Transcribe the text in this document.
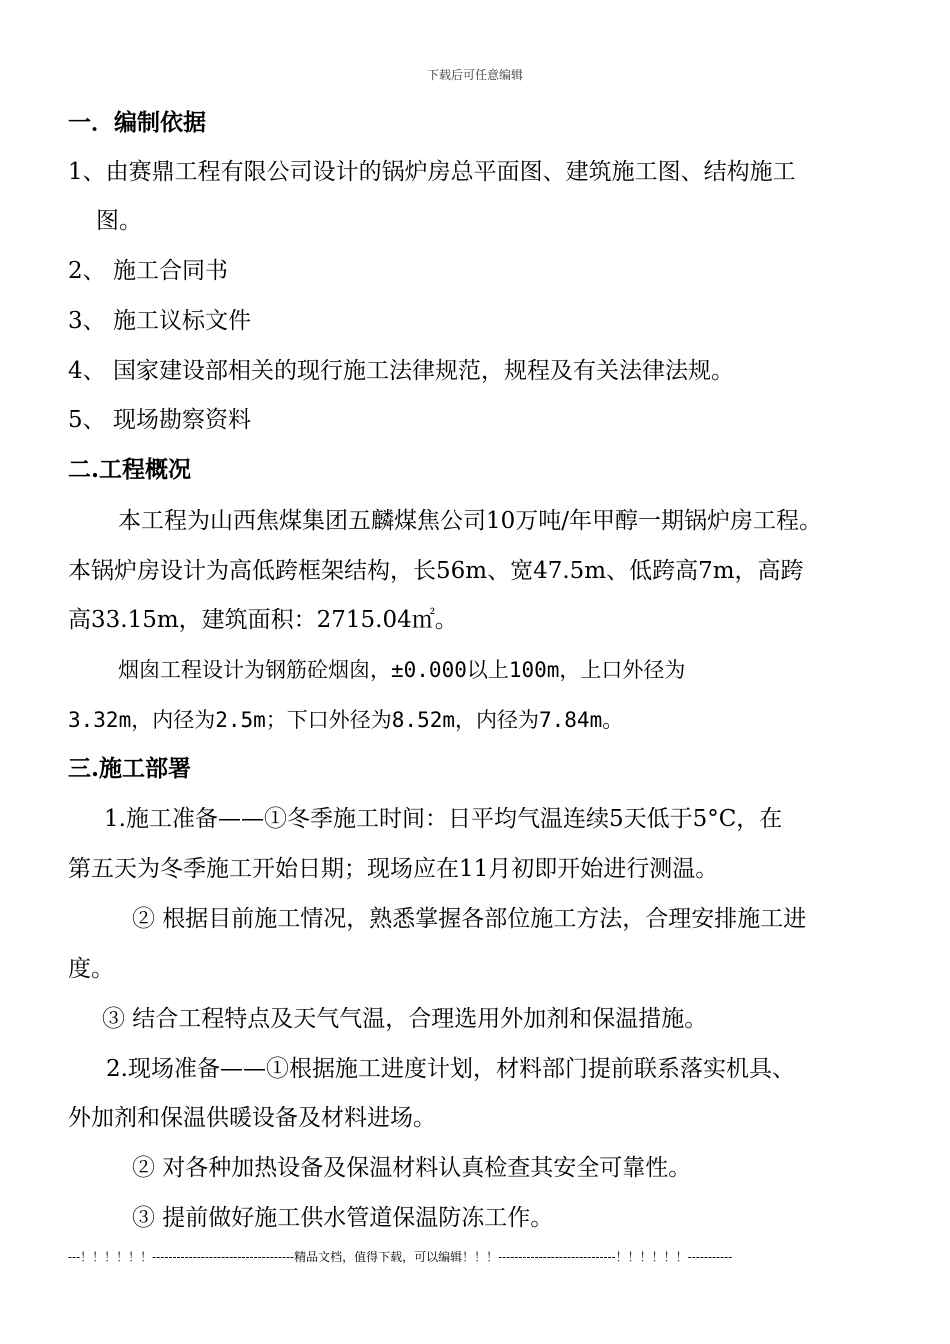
下载后可任意编辑
一．编制依据
1、由赛鼎工程有限公司设计的锅炉房总平面图、建筑施工图、结构施工
图。
2、 施工合同书
3、 施工议标文件
4、 国家建设部相关的现行施工法律规范，规程及有关法律法规。
5、 现场勘察资料
二.工程概况
本工程为山西焦煤集团五麟煤焦公司10万吨/年甲醇一期锅炉房工程。
本锅炉房设计为高低跨框架结构，长56m、宽47.5m、低跨高7m，高跨
高33.15m，建筑面积：2715.04㎡。
烟囱工程设计为钢筋砼烟囱，±0.000以上100m，上口外径为
3.32m，内径为2.5m；下口外径为8.52m，内径为7.84m。
三.施工部署
1.施工准备——①冬季施工时间：日平均气温连续5天低于5°C，在
第五天为冬季施工开始日期；现场应在11月初即开始进行测温。
② 根据目前施工情况，熟悉掌握各部位施工方法，合理安排施工进
度。
③ 结合工程特点及天气气温，合理选用外加剂和保温措施。
2.现场准备——①根据施工进度计划，材料部门提前联系落实机具、
外加剂和保温供暖设备及材料进场。
② 对各种加热设备及保温材料认真检查其安全可靠性。
③ 提前做好施工供水管道保温防冻工作。
---！！！！！！-----------------------------------精品文档，值得下载，可以编辑！！！-----------------------------！！！！！！-----------
